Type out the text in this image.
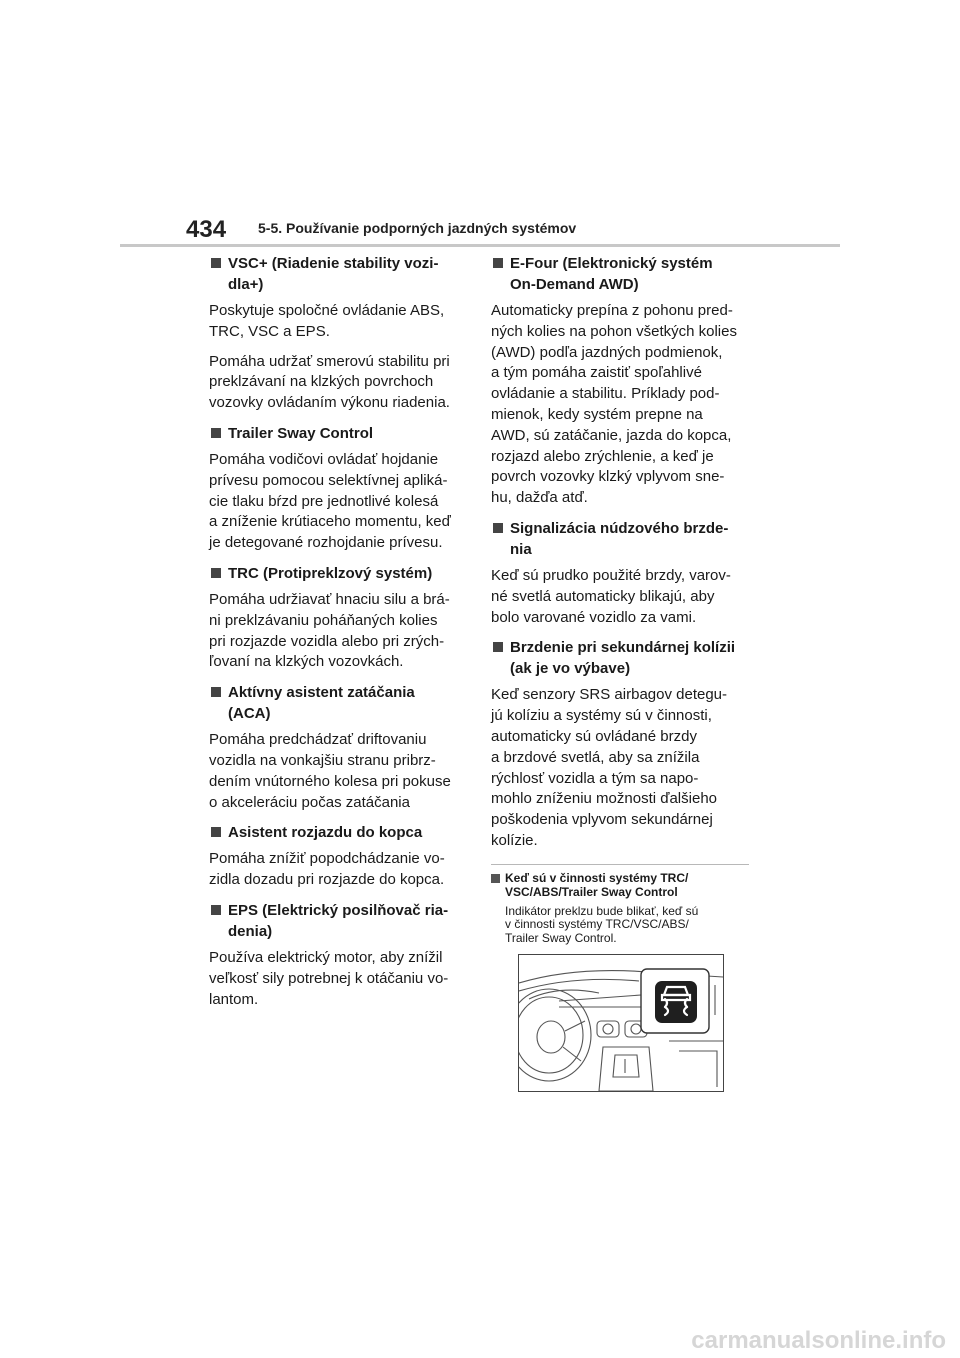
434 5-5. Používanie podporných jazdných systémov
VSC+ (Riadenie stability vozi-
dla+)

Poskytuje spoločné ovládanie ABS,
TRC, VSC a EPS.

Pomáha udržať smerovú stabilitu pri
preklzávaní na klzkých povrchoch
vozovky ovládaním výkonu riadenia.

Trailer Sway Control

Pomáha vodičovi ovládať hojdanie
prívesu pomocou selektívnej apliká-
cie tlaku bŕzd pre jednotlivé kolesá
a zníženie krútiaceho momentu, keď
je detegované rozhojdanie prívesu.

TRC (Protipreklzový systém)

Pomáha udržiavať hnaciu silu a brá-
ni preklzávaniu poháňaných kolies
pri rozjazde vozidla alebo pri zrých-
ľovaní na klzkých vozovkách.

Aktívny asistent zatáčania
(ACA)

Pomáha predchádzať driftovaniu
vozidla na vonkajšiu stranu pribrz-
dením vnútorného kolesa pri pokuse
o akceleráciu počas zatáčania

Asistent rozjazdu do kopca

Pomáha znížiť popodchádzanie vo-
zidla dozadu pri rozjazde do kopca.

EPS (Elektrický posilňovač ria-
denia)

Používa elektrický motor, aby znížil
veľkosť sily potrebnej k otáčaniu vo-
lantom.

E-Four (Elektronický systém
On-Demand AWD)

Automaticky prepína z pohonu pred-
ných kolies na pohon všetkých kolies
(AWD) podľa jazdných podmienok,
a tým pomáha zaistiť spoľahlivé
ovládanie a stabilitu. Príklady pod-
mienok, kedy systém prepne na
AWD, sú zatáčanie, jazda do kopca,
rozjazd alebo zrýchlenie, a keď je
povrch vozovky klzký vplyvom sne-
hu, dažďa atď.

Signalizácia núdzového brzde-
nia

Keď sú prudko použité brzdy, varov-
né svetlá automaticky blikajú, aby
bolo varované vozidlo za vami.

Brzdenie pri sekundárnej kolízii
(ak je vo výbave)

Keď senzory SRS airbagov detegu-
jú kolíziu a systémy sú v činnosti,
automaticky sú ovládané brzdy
a brzdové svetlá, aby sa znížila
rýchlosť vozidla a tým sa napo-
mohlo zníženiu možnosti ďalšieho
poškodenia vplyvom sekundárnej
kolízie.

Keď sú v činnosti systémy TRC/
VSC/ABS/Trailer Sway Control
Indikátor preklzu bude blikať, keď sú
v činnosti systémy TRC/VSC/ABS/
Trailer Sway Control.
carmanualsonline.info
